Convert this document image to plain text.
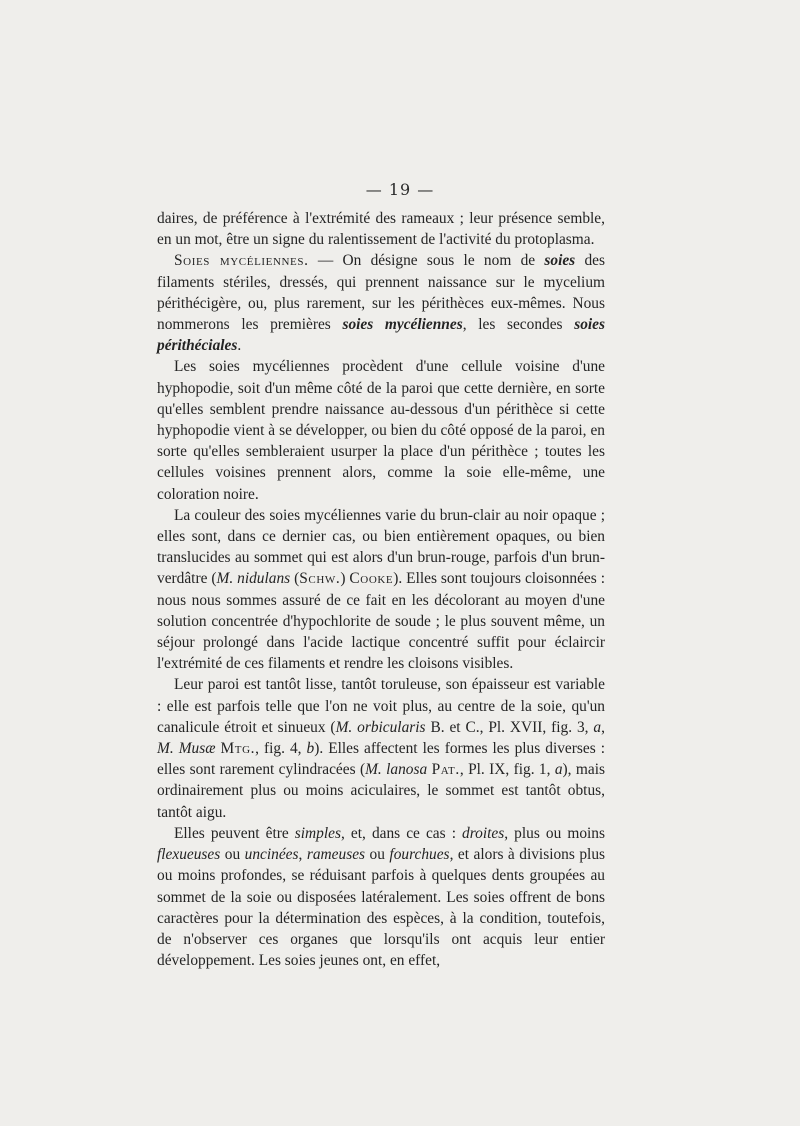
— 19 —

daires, de préférence à l'extrémité des rameaux ; leur présence semble, en un mot, être un signe du ralentissement de l'activité du protoplasma.

Soies mycéliennes. — On désigne sous le nom de soies des filaments stériles, dressés, qui prennent naissance sur le mycelium périthécigère, ou, plus rarement, sur les périthèces eux-mêmes. Nous nommerons les premières soies mycéliennes, les secondes soies périthéciales.

Les soies mycéliennes procèdent d'une cellule voisine d'une hyphopodie, soit d'un même côté de la paroi que cette dernière, en sorte qu'elles semblent prendre naissance au-dessous d'un périthèce si cette hyphopodie vient à se développer, ou bien du côté opposé de la paroi, en sorte qu'elles sembleraient usurper la place d'un périthèce ; toutes les cellules voisines prennent alors, comme la soie elle-même, une coloration noire.

La couleur des soies mycéliennes varie du brun-clair au noir opaque ; elles sont, dans ce dernier cas, ou bien entièrement opaques, ou bien translucides au sommet qui est alors d'un brun-rouge, parfois d'un brun-verdâtre (M. nidulans (Schw.) Cooke). Elles sont toujours cloisonnées : nous nous sommes assuré de ce fait en les décolorant au moyen d'une solution concentrée d'hypochlorite de soude ; le plus souvent même, un séjour prolongé dans l'acide lactique concentré suffit pour éclaircir l'extrémité de ces filaments et rendre les cloisons visibles.

Leur paroi est tantôt lisse, tantôt toruleuse, son épaisseur est variable : elle est parfois telle que l'on ne voit plus, au centre de la soie, qu'un canalicule étroit et sinueux (M. orbicularis B. et C., Pl. XVII, fig. 3, a, M. Musæ Mtg., fig. 4, b). Elles affectent les formes les plus diverses : elles sont rarement cylindracées (M. lanosa Pat., Pl. IX, fig. 1, a), mais ordinairement plus ou moins aciculaires, le sommet est tantôt obtus, tantôt aigu.

Elles peuvent être simples, et, dans ce cas : droites, plus ou moins flexueuses ou uncinées, rameuses ou fourchues, et alors à divisions plus ou moins profondes, se réduisant parfois à quelques dents groupées au sommet de la soie ou disposées latéralement. Les soies offrent de bons caractères pour la détermination des espèces, à la condition, toutefois, de n'observer ces organes que lorsqu'ils ont acquis leur entier développement. Les soies jeunes ont, en effet,
